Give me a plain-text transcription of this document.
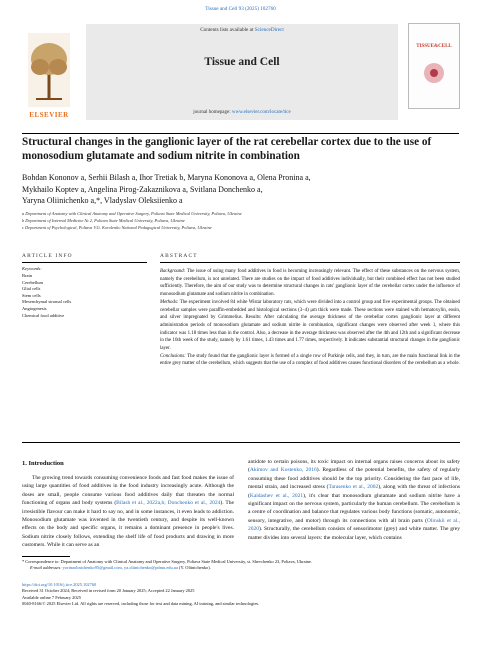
Tissue and Cell 93 (2025) 102760
ELSEVIER
Contents lists available at ScienceDirect
Tissue and Cell
journal homepage: www.elsevier.com/locate/tice
TISSUE&CELL
Structural changes in the ganglionic layer of the rat cerebellar cortex due to the use of monosodium glutamate and sodium nitrite in combination
Bohdan Kononov a, Serhii Bilash a, Ihor Tretiak b, Maryna Kononova a, Olena Pronina a,
Mykhailo Koptev a, Angelina Pirog-Zakaznikova a, Svitlana Donchenko a,
Yaryna Oliinichenko a,*, Vladyslav Oleksiienko a
a Department of Anatomy with Clinical Anatomy and Operative Surgery, Poltava State Medical University, Poltava, Ukraine
b Department of Internal Medicine № 2, Poltava State Medical University, Poltava, Ukraine
c Department of Psychological, Poltava V.G. Korolenko National Pedagogical University, Poltava, Ukraine
ARTICLE INFO
Keywords:
Brain
Cerebellum
Glial cells
Stem cells
Mesenchymal stromal cells
Angiogenesis
Chemical food additive
ABSTRACT
Background: The issue of using many food additives in food is becoming increasingly relevant. The effect of these substances on the nervous system, namely the cerebellum, is not unrelated. There are studies on the impact of food additives individually, but their combined effect has not been studied sufficiently. Therefore, the aim of our study was to determine structural changes in rats' ganglionic layer of the cerebellar cortex under the influence of monosodium glutamate and sodium nitrite in combination.
Methods: The experiment involved 84 white Wistar laboratory rats, which were divided into a control group and five experimental groups. The obtained cerebellar samples were paraffin-embedded and histological sections (3–4) μm thick were made. These sections were stained with hematoxylin, eosin, and silver impregnated by Grimmelius. Results: After calculating the average thickness of the cerebellar cortex ganglionic layer at different administration periods of monosodium glutamate and sodium nitrite in combination, significant changes were observed after week 1, where this indicator was 1.18 times less than in the control. Also, a decrease in the average thickness was observed after the 4th and 12th and a significant decrease in the 16th week of the study, namely by 1.61 times, 1.43 times and 1.77 times, respectively. It indicates substantial structural changes in the ganglionic layer.
Conclusions: The study found that the ganglionic layer is formed of a single row of Purkinje cells, and they, in turn, are the main functional link in the entire grey matter of the cerebellum, which suggests that the use of a complex of food additives causes functional disorders of the cerebellum as a whole.
1. Introduction
The growing trend towards consuming convenience foods and fast food makes the issue of using large quantities of food additives in the food industry increasingly acute. Although the doses are small, people consume various food additives daily that threaten the normal functioning of organs and body systems (Bilash et al., 2022a,b; Donchenko et al., 2024). The irresistible flavour can make it hard to say no, and in some instances, it even leads to addiction. Monosodium glutamate was invented in the twentieth century, and despite its well-known effects on the body and specific organs, it remains a dominant presence in people's lives. Sodium nitrite closely follows, extending the shelf life of food products and drawing in more customers. While it can serve as an
antidote to certain poisons, its toxic impact on internal organs raises concerns about its safety (Akimov and Kostenko, 2016). Regardless of the potential benefits, the safety of regularly consuming these food additives should be the top priority. Considering the fast pace of life, mental strain, and increased stress (Tarasenko et al., 2002), along with the threat of infections (Kaidashev et al., 2021), it's clear that monosodium glutamate and sodium nitrite have a significant impact on the nervous system, particularly the human cerebellum. The cerebellum is a centre of coordination and balance that regulates various body functions (somatic, autonomic, sensory, integrative, and motor) through its connections with all brain parts (Olinskii et al., 2020). Structurally, the cerebellum consists of sensorimotor (grey) and white matter. The grey matter divides into several layers: the molecular layer, which contains
* Correspondence to: Department of Anatomy with Clinical Anatomy and Operative Surgery, Poltava State Medical University, st. Shevchenko 23, Poltava, Ukraine.
E-mail addresses: yorinaolinichenko95@gmail.com, ya.oliinichenko@pdmu.edu.ua (Y. Oliinichenko).
https://doi.org/10.1016/j.tice.2025.102760
Received 31 October 2024; Received in revised form 20 January 2025; Accepted 22 January 2025
Available online 7 February 2025
0040-8166/© 2025 Elsevier Ltd. All rights are reserved, including those for text and data mining, AI training, and similar technologies.
